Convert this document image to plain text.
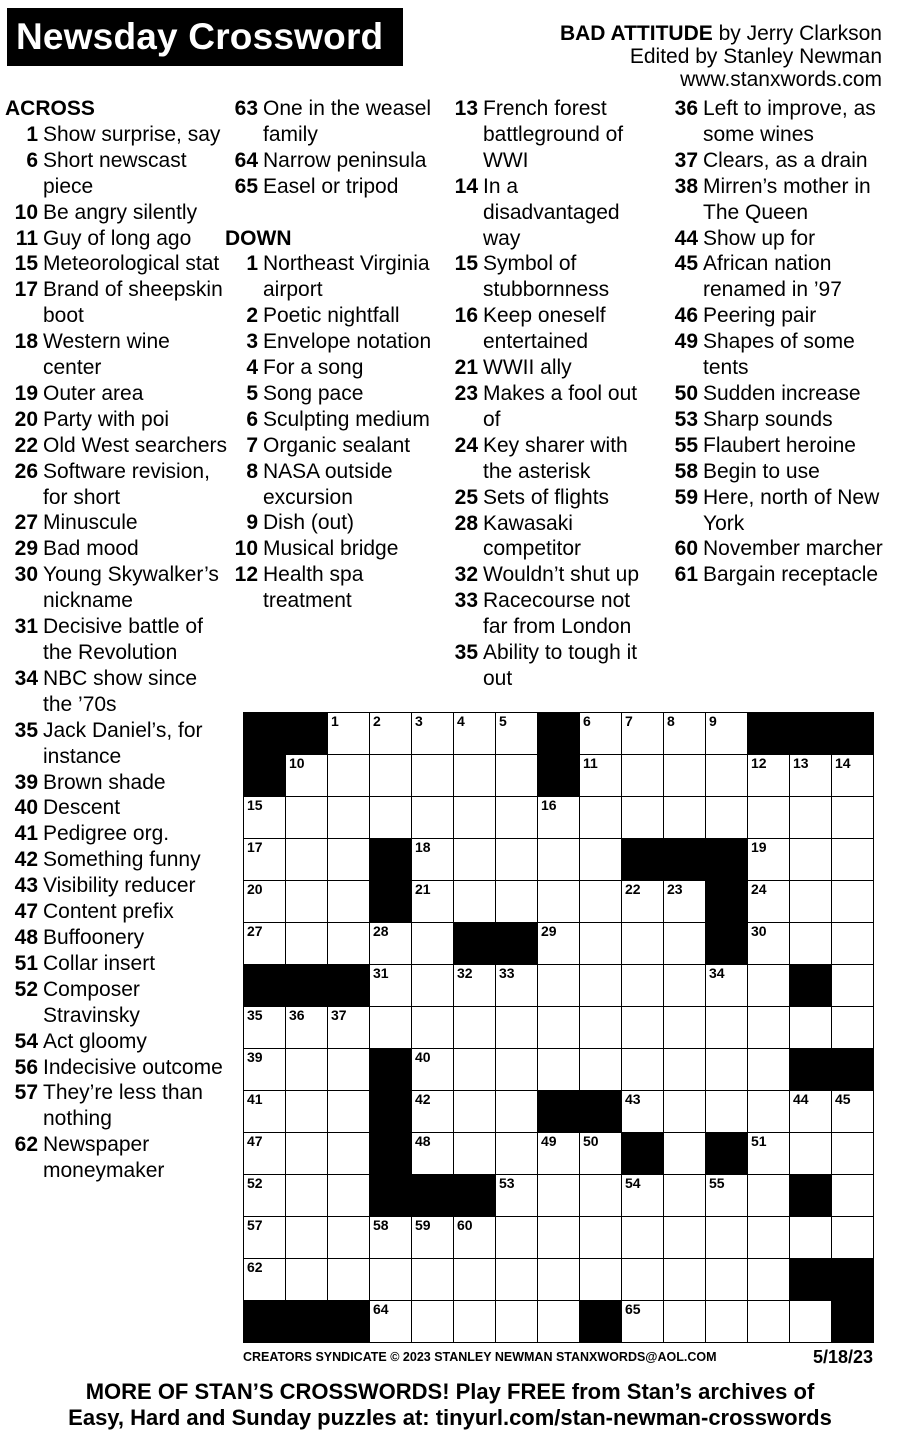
Newsday Crossword	BAD ATTITUDE by Jerry Clarkson
Edited by Stanley Newman
www.stanxwords.com
ACROSS
1 Show surprise, say
6 Short newscast piece
10 Be angry silently
11 Guy of long ago
15 Meteorological stat
17 Brand of sheepskin boot
18 Western wine center
19 Outer area
20 Party with poi
22 Old West searchers
26 Software revision, for short
27 Minuscule
29 Bad mood
30 Young Skywalker’s nickname
31 Decisive battle of the Revolution
34 NBC show since the ’70s
35 Jack Daniel’s, for instance
39 Brown shade
40 Descent
41 Pedigree org.
42 Something funny
43 Visibility reducer
47 Content prefix
48 Buffoonery
51 Collar insert
52 Composer Stravinsky
54 Act gloomy
56 Indecisive outcome
57 They’re less than nothing
62 Newspaper moneymaker
63 One in the weasel family
64 Narrow peninsula
65 Easel or tripod
DOWN
1 Northeast Virginia airport
2 Poetic nightfall
3 Envelope notation
4 For a song
5 Song pace
6 Sculpting medium
7 Organic sealant
8 NASA outside excursion
9 Dish (out)
10 Musical bridge
12 Health spa treatment
13 French forest battleground of WWI
14 In a disadvantaged way
15 Symbol of stubbornness
16 Keep oneself entertained
21 WWII ally
23 Makes a fool out of
24 Key sharer with the asterisk
25 Sets of flights
28 Kawasaki competitor
32 Wouldn’t shut up
33 Racecourse not far from London
35 Ability to tough it out
36 Left to improve, as some wines
37 Clears, as a drain
38 Mirren’s mother in The Queen
44 Show up for
45 African nation renamed in ’97
46 Peering pair
49 Shapes of some tents
50 Sudden increase
53 Sharp sounds
55 Flaubert heroine
58 Begin to use
59 Here, north of New York
60 November marcher
61 Bargain receptacle

		1	2	3	4	5		6	7	8	9			

	10							11				12	13	14

15							16							

17				18								19		

20				21					22	23		24		

27			28				29					30		

			31		32	33					34			

35	36	37												

39				40										

41				42					43				44	45

47				48			49	50				51		

52						53			54		55			

57			58	59	60									

62														

			64						65					

CREATORS SYNDICATE © 2023 STANLEY NEWMAN STANXWORDS@AOL.COM	5/18/23
MORE OF STAN’S CROSSWORDS! Play FREE from Stan’s archives of
Easy, Hard and Sunday puzzles at: tinyurl.com/stan-newman-crosswords
